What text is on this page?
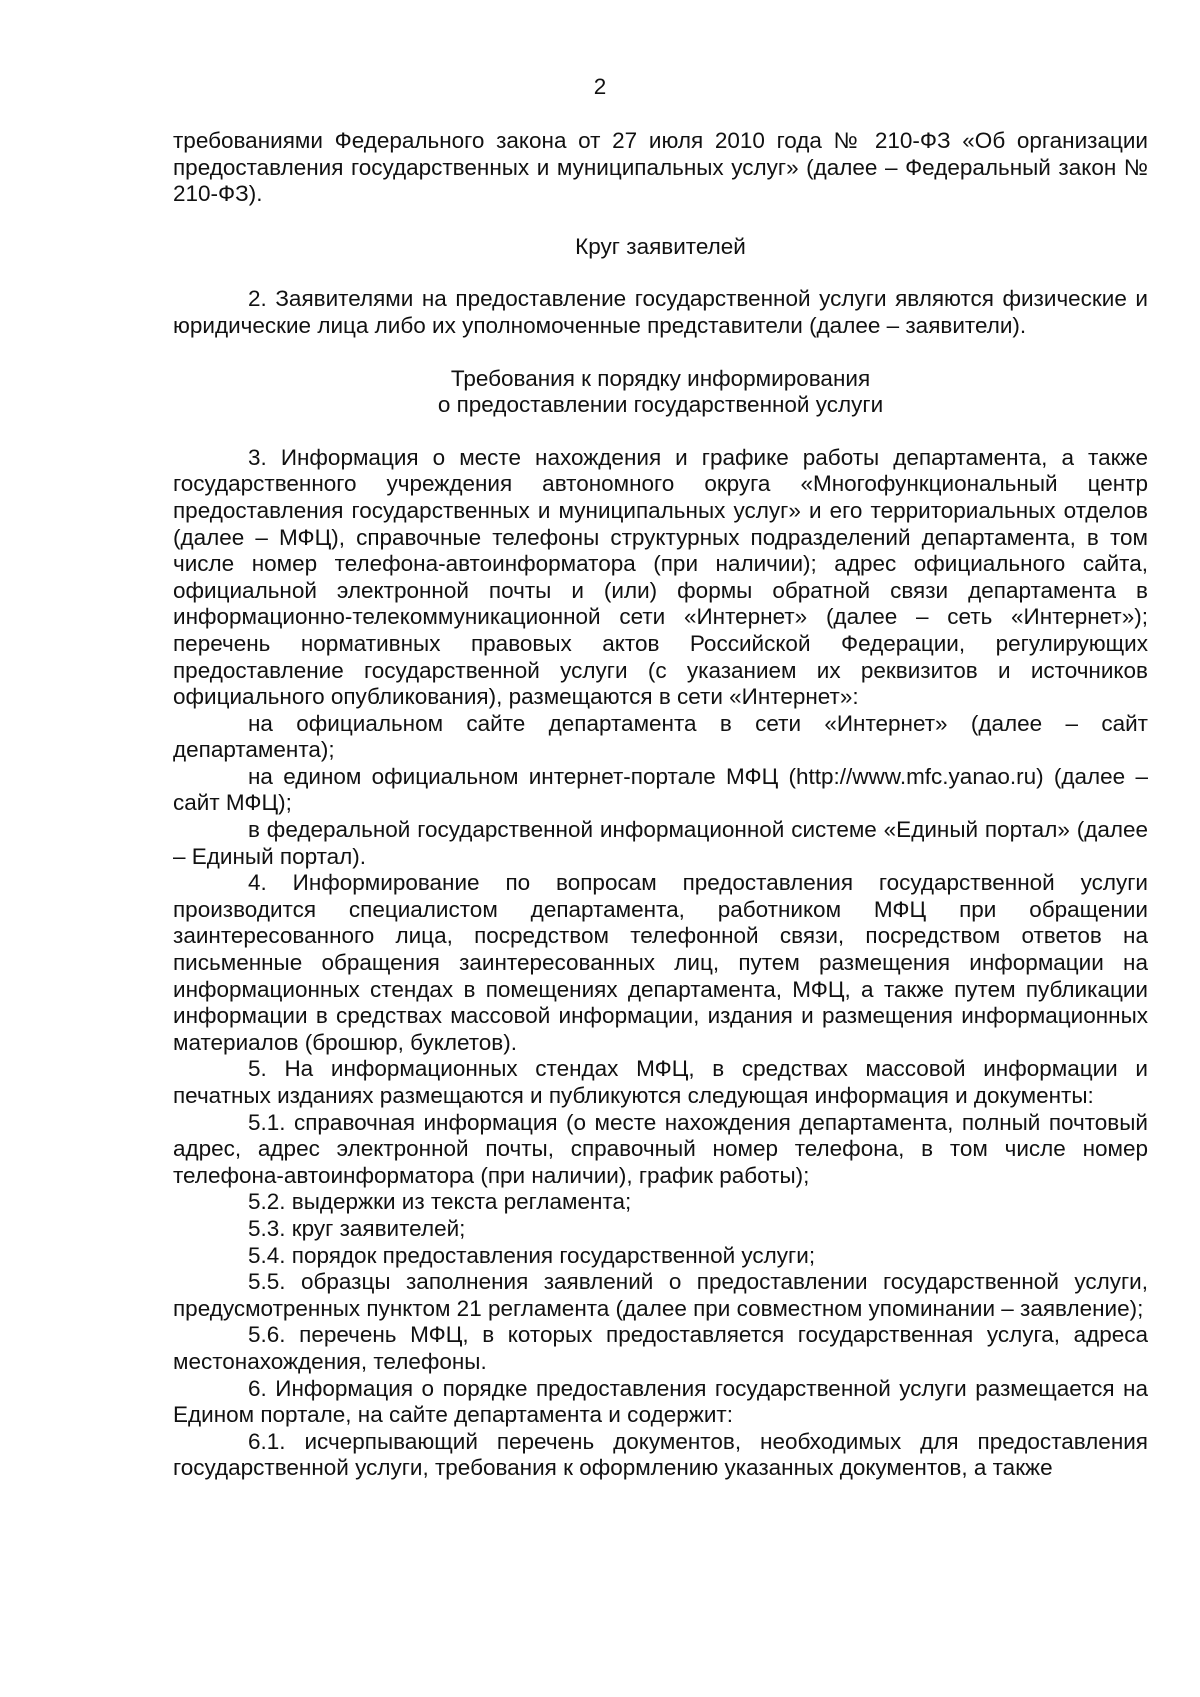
2

требованиями Федерального закона от 27 июля 2010 года № 210-ФЗ «Об организации предоставления государственных и муниципальных услуг» (далее – Федеральный закон № 210-ФЗ).

Круг заявителей

2. Заявителями на предоставление государственной услуги являются физические и юридические лица либо их уполномоченные представители (далее – заявители).

Требования к порядку информирования
о предоставлении государственной услуги

3. Информация о месте нахождения и графике работы департамента, а также государственного учреждения автономного округа «Многофункциональный центр предоставления государственных и муниципальных услуг» и его территориальных отделов (далее – МФЦ), справочные телефоны структурных подразделений департамента, в том числе номер телефона-автоинформатора (при наличии); адрес официального сайта, официальной электронной почты и (или) формы обратной связи департамента в информационно-телекоммуникационной сети «Интернет» (далее – сеть «Интернет»); перечень нормативных правовых актов Российской Федерации, регулирующих предоставление государственной услуги (с указанием их реквизитов и источников официального опубликования), размещаются в сети «Интернет»:

на официальном сайте департамента в сети «Интернет» (далее – сайт департамента);

на едином официальном интернет-портале МФЦ (http://www.mfc.yanao.ru) (далее – сайт МФЦ);

в федеральной государственной информационной системе «Единый портал» (далее – Единый портал).

4. Информирование по вопросам предоставления государственной услуги производится специалистом департамента, работником МФЦ при обращении заинтересованного лица, посредством телефонной связи, посредством ответов на письменные обращения заинтересованных лиц, путем размещения информации на информационных стендах в помещениях департамента, МФЦ, а также путем публикации информации в средствах массовой информации, издания и размещения информационных материалов (брошюр, буклетов).

5. На информационных стендах МФЦ, в средствах массовой информации и печатных изданиях размещаются и публикуются следующая информация и документы:

5.1. справочная информация (о месте нахождения департамента, полный почтовый адрес, адрес электронной почты, справочный номер телефона, в том числе номер телефона-автоинформатора (при наличии), график работы);

5.2. выдержки из текста регламента;

5.3. круг заявителей;

5.4. порядок предоставления государственной услуги;

5.5. образцы заполнения заявлений о предоставлении государственной услуги, предусмотренных пунктом 21 регламента (далее при совместном упоминании – заявление);

5.6. перечень МФЦ, в которых предоставляется государственная услуга, адреса местонахождения, телефоны.

6. Информация о порядке предоставления государственной услуги размещается на Едином портале, на сайте департамента и содержит:

6.1. исчерпывающий перечень документов, необходимых для предоставления государственной услуги, требования к оформлению указанных документов, а также
